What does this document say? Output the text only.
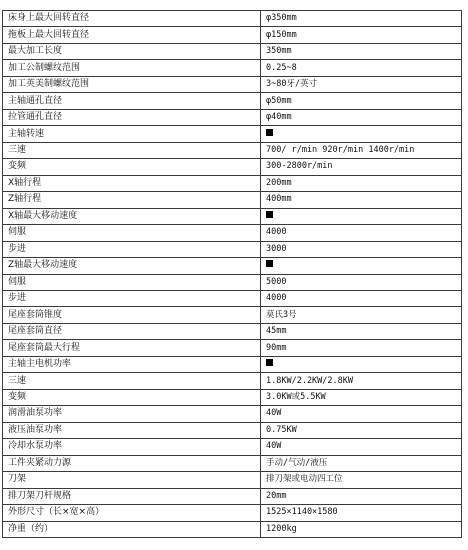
床身上最大回转直径	φ350mm
拖板上最大回转直径	φ150mm
最大加工长度	350mm
加工公制螺纹范围	0.25~8
加工英美制螺纹范围	3~80牙/英寸
主轴通孔直径	φ50mm
拉管通孔直径	φ40mm
主轴转速	
三速	700/ r/min 920r/min 1400r/min
变频	300-2800r/min
X轴行程	200mm
Z轴行程	400mm
X轴最大移动速度	
伺服	4000
步进	3000
Z轴最大移动速度	
伺服	5000
步进	4000
尾座套筒锥度	莫氏3号
尾座套筒直径	45mm
尾座套筒最大行程	90mm
主轴主电机功率	
三速	1.8KW/2.2KW/2.8KW
变频	3.0KW或5.5KW
润滑油泵功率	40W
液压油泵功率	0.75KW
冷却水泵功率	40W
工件夹紧动力源	手动/气动/液压
刀架	排刀架或电动四工位
排刀架刀杆规格	20mm
外形尺寸（长×宽×高）	1525×1140×1580
净重（约）	1200kg
